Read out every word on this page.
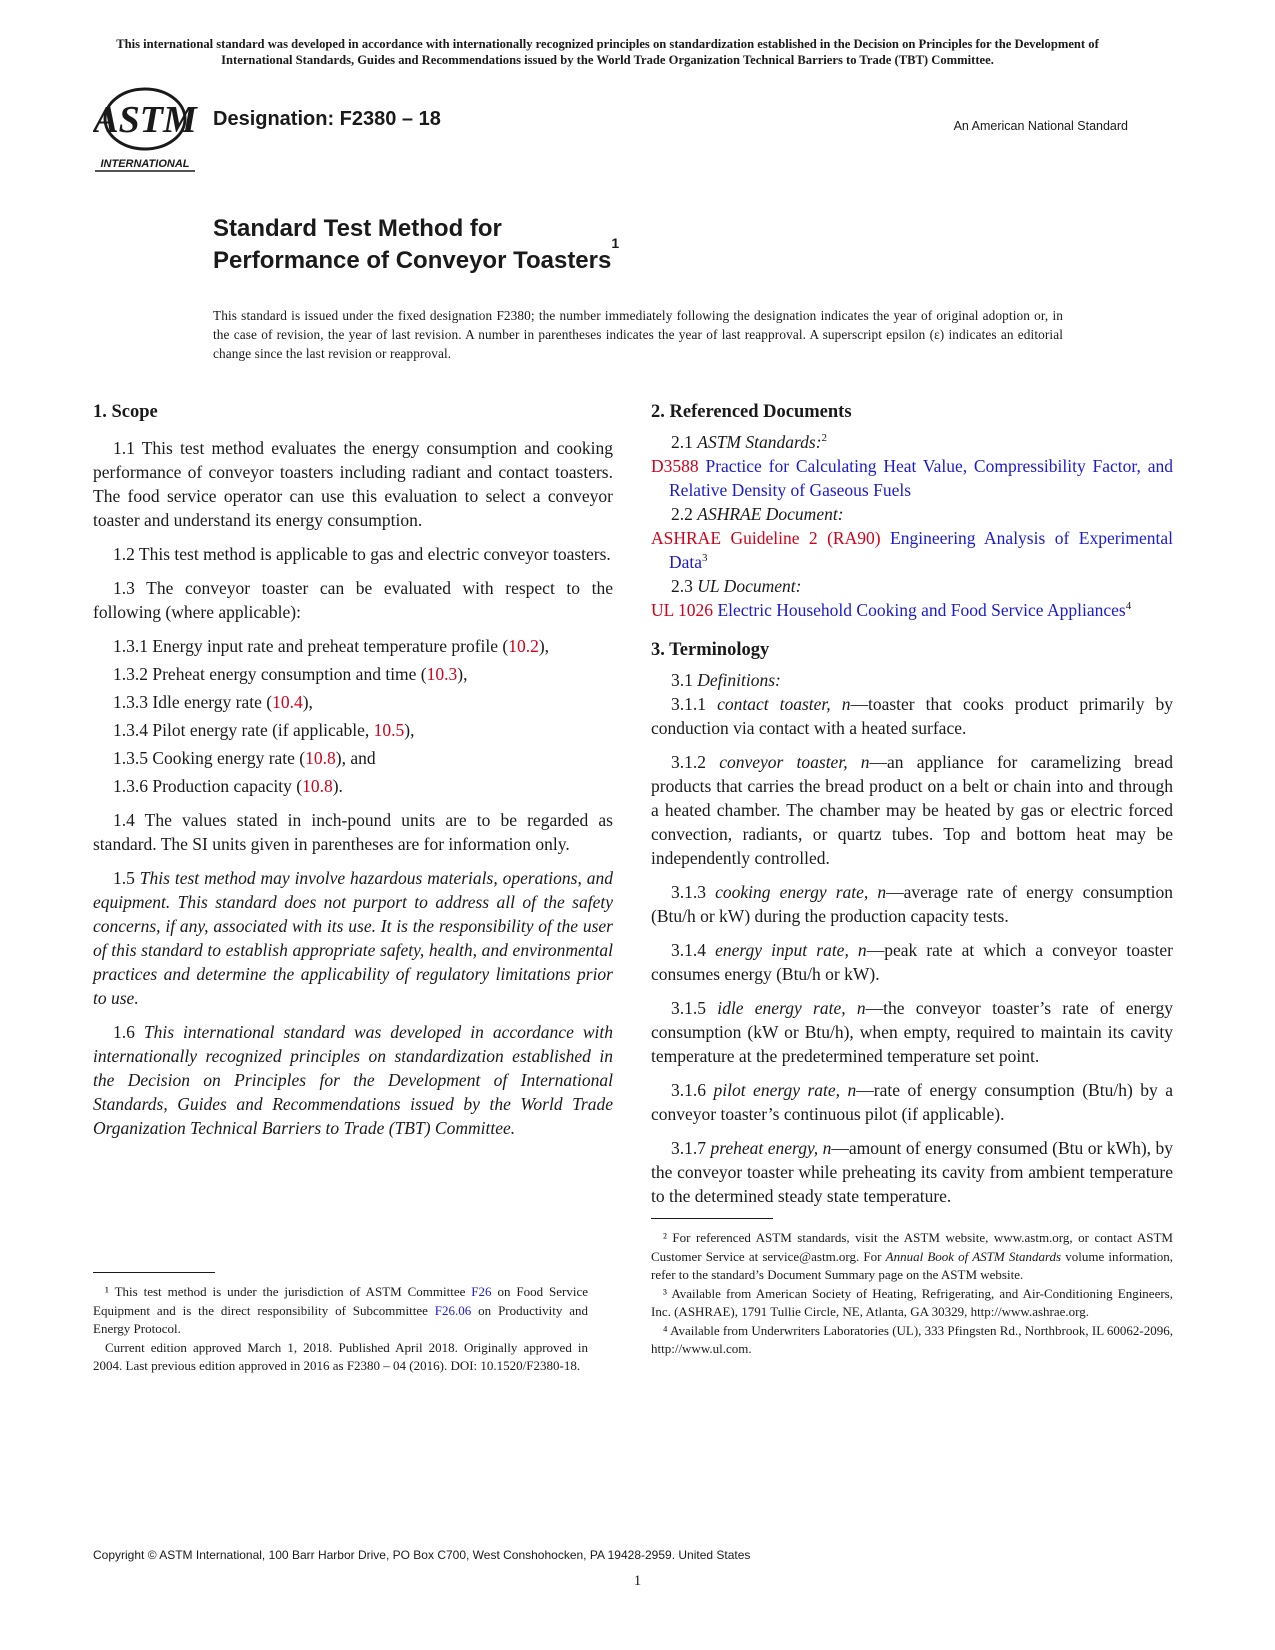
This international standard was developed in accordance with internationally recognized principles on standardization established in the Decision on Principles for the Development of International Standards, Guides and Recommendations issued by the World Trade Organization Technical Barriers to Trade (TBT) Committee.
ASTM
INTERNATIONAL
Designation: F2380 – 18	An American National Standard
Standard Test Method for
Performance of Conveyor Toasters$^1$
This standard is issued under the fixed designation F2380; the number immediately following the designation indicates the year of original adoption or, in the case of revision, the year of last revision. A number in parentheses indicates the year of last reapproval. A superscript epsilon (ε) indicates an editorial change since the last revision or reapproval.
1. Scope
1.1 This test method evaluates the energy consumption and cooking performance of conveyor toasters including radiant and contact toasters. The food service operator can use this evaluation to select a conveyor toaster and understand its energy consumption.
1.2 This test method is applicable to gas and electric conveyor toasters.
1.3 The conveyor toaster can be evaluated with respect to the following (where applicable):
1.3.1 Energy input rate and preheat temperature profile (10.2),
1.3.2 Preheat energy consumption and time (10.3),
1.3.3 Idle energy rate (10.4),
1.3.4 Pilot energy rate (if applicable, 10.5),
1.3.5 Cooking energy rate (10.8), and
1.3.6 Production capacity (10.8).
1.4 The values stated in inch-pound units are to be regarded as standard. The SI units given in parentheses are for information only.
1.5 This test method may involve hazardous materials, operations, and equipment. This standard does not purport to address all of the safety concerns, if any, associated with its use. It is the responsibility of the user of this standard to establish appropriate safety, health, and environmental practices and determine the applicability of regulatory limitations prior to use.
1.6 This international standard was developed in accordance with internationally recognized principles on standardization established in the Decision on Principles for the Development of International Standards, Guides and Recommendations issued by the World Trade Organization Technical Barriers to Trade (TBT) Committee.

¹ This test method is under the jurisdiction of ASTM Committee F26 on Food Service Equipment and is the direct responsibility of Subcommittee F26.06 on Productivity and Energy Protocol.

Current edition approved March 1, 2018. Published April 2018. Originally approved in 2004. Last previous edition approved in 2016 as F2380 – 04 (2016). DOI: 10.1520/F2380-18.

2. Referenced Documents
2.1 ASTM Standards:$^2$
D3588 Practice for Calculating Heat Value, Compressibility Factor, and Relative Density of Gaseous Fuels
2.2 ASHRAE Document:
ASHRAE Guideline 2 (RA90) Engineering Analysis of Experimental Data$^3$
2.3 UL Document:
UL 1026 Electric Household Cooking and Food Service Appliances$^4$
3. Terminology
3.1 Definitions:
3.1.1 contact toaster, n—toaster that cooks product primarily by conduction via contact with a heated surface.
3.1.2 conveyor toaster, n—an appliance for caramelizing bread products that carries the bread product on a belt or chain into and through a heated chamber. The chamber may be heated by gas or electric forced convection, radiants, or quartz tubes. Top and bottom heat may be independently controlled.
3.1.3 cooking energy rate, n—average rate of energy consumption (Btu/h or kW) during the production capacity tests.
3.1.4 energy input rate, n—peak rate at which a conveyor toaster consumes energy (Btu/h or kW).
3.1.5 idle energy rate, n—the conveyor toaster’s rate of energy consumption (kW or Btu/h), when empty, required to maintain its cavity temperature at the predetermined temperature set point.
3.1.6 pilot energy rate, n—rate of energy consumption (Btu/h) by a conveyor toaster’s continuous pilot (if applicable).
3.1.7 preheat energy, n—amount of energy consumed (Btu or kWh), by the conveyor toaster while preheating its cavity from ambient temperature to the determined steady state temperature.

² For referenced ASTM standards, visit the ASTM website, www.astm.org, or contact ASTM Customer Service at service@astm.org. For Annual Book of ASTM Standards volume information, refer to the standard’s Document Summary page on the ASTM website.

³ Available from American Society of Heating, Refrigerating, and Air-Conditioning Engineers, Inc. (ASHRAE), 1791 Tullie Circle, NE, Atlanta, GA 30329, http://www.ashrae.org.

⁴ Available from Underwriters Laboratories (UL), 333 Pfingsten Rd., Northbrook, IL 60062-2096, http://www.ul.com.

Copyright © ASTM International, 100 Barr Harbor Drive, PO Box C700, West Conshohocken, PA 19428-2959. United States
1
